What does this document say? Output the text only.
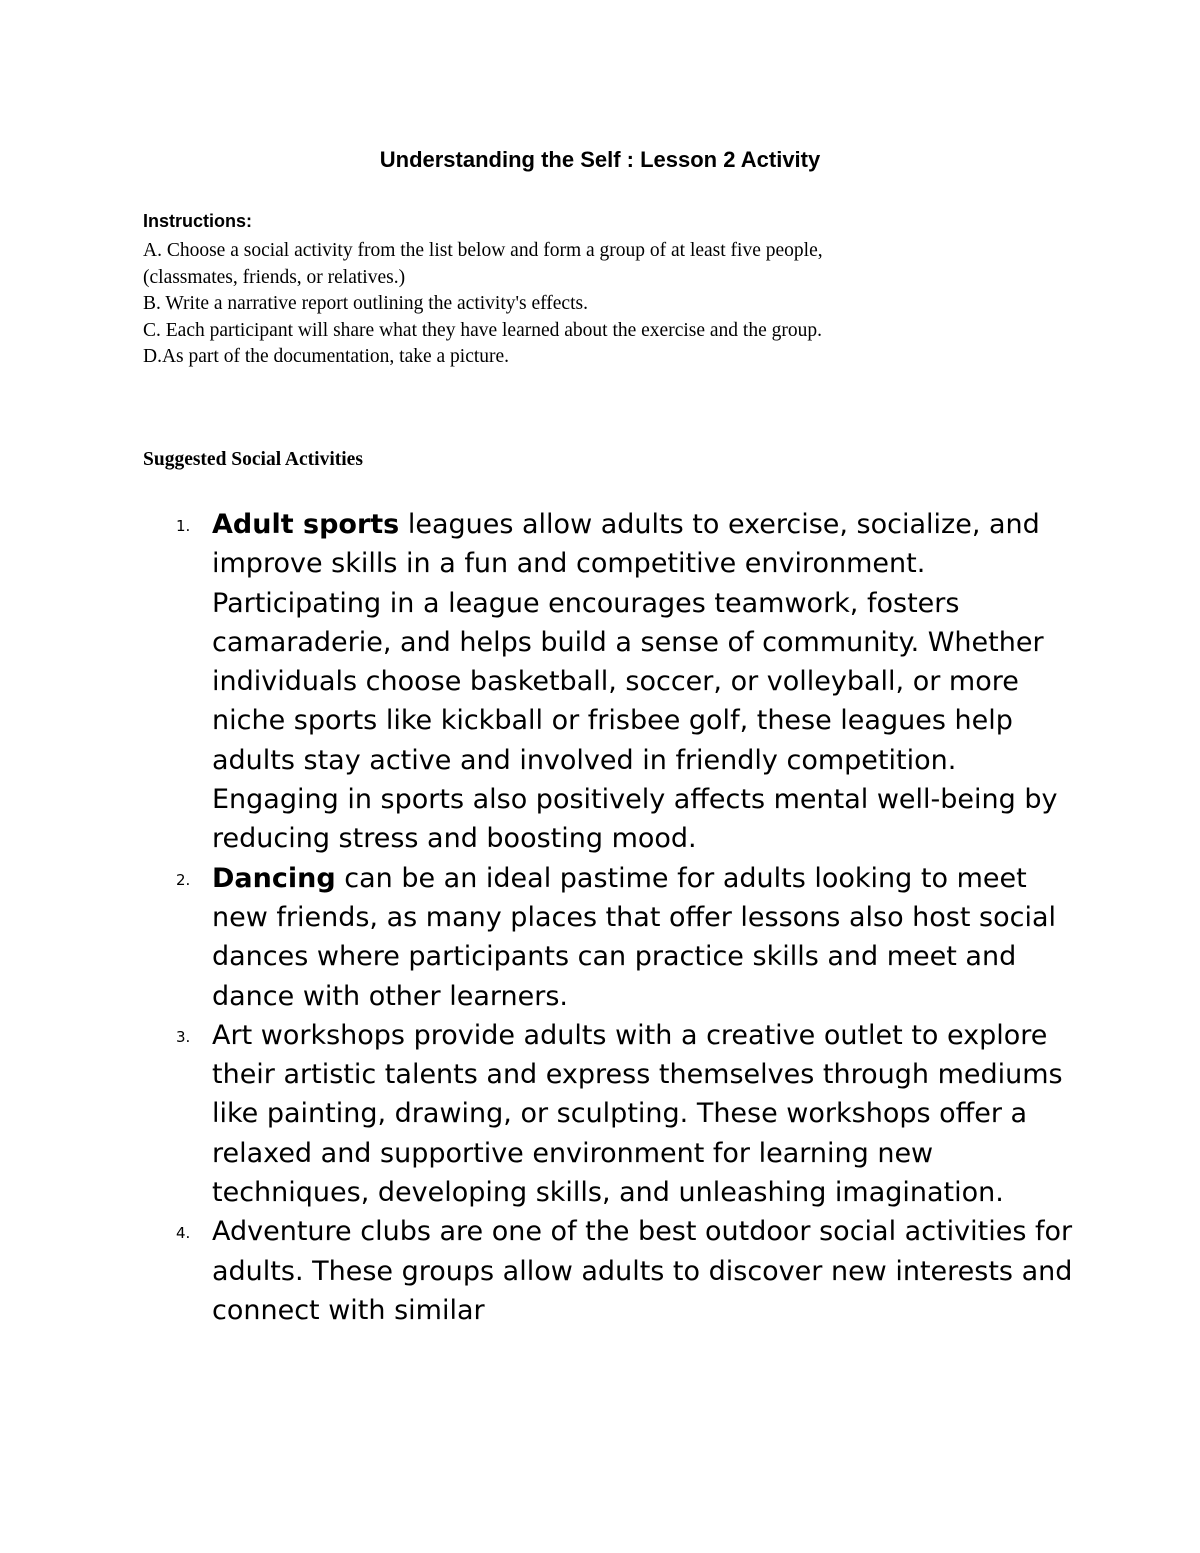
Understanding the Self : Lesson 2 Activity

Instructions:

A. Choose a social activity from the list below and form a group of at least five people,

(classmates, friends, or relatives.)

B. Write a narrative report outlining the activity's effects.

C. Each participant will share what they have learned about the exercise and the group.

D.As part of the documentation, take a picture.

Suggested Social Activities
1. Adult sports leagues allow adults to exercise, socialize, and improve skills in a fun and competitive environment. Participating in a league encourages teamwork, fosters camaraderie, and helps build a sense of community. Whether individuals choose basketball, soccer, or volleyball, or more niche sports like kickball or frisbee golf, these leagues help adults stay active and involved in friendly competition. Engaging in sports also positively affects mental well-being by reducing stress and boosting mood.
2. Dancing can be an ideal pastime for adults looking to meet new friends, as many places that offer lessons also host social dances where participants can practice skills and meet and dance with other learners.
3. Art workshops provide adults with a creative outlet to explore their artistic talents and express themselves through mediums like painting, drawing, or sculpting. These workshops offer a relaxed and supportive environment for learning new techniques, developing skills, and unleashing imagination.
4. Adventure clubs are one of the best outdoor social activities for adults. These groups allow adults to discover new interests and connect with similar
